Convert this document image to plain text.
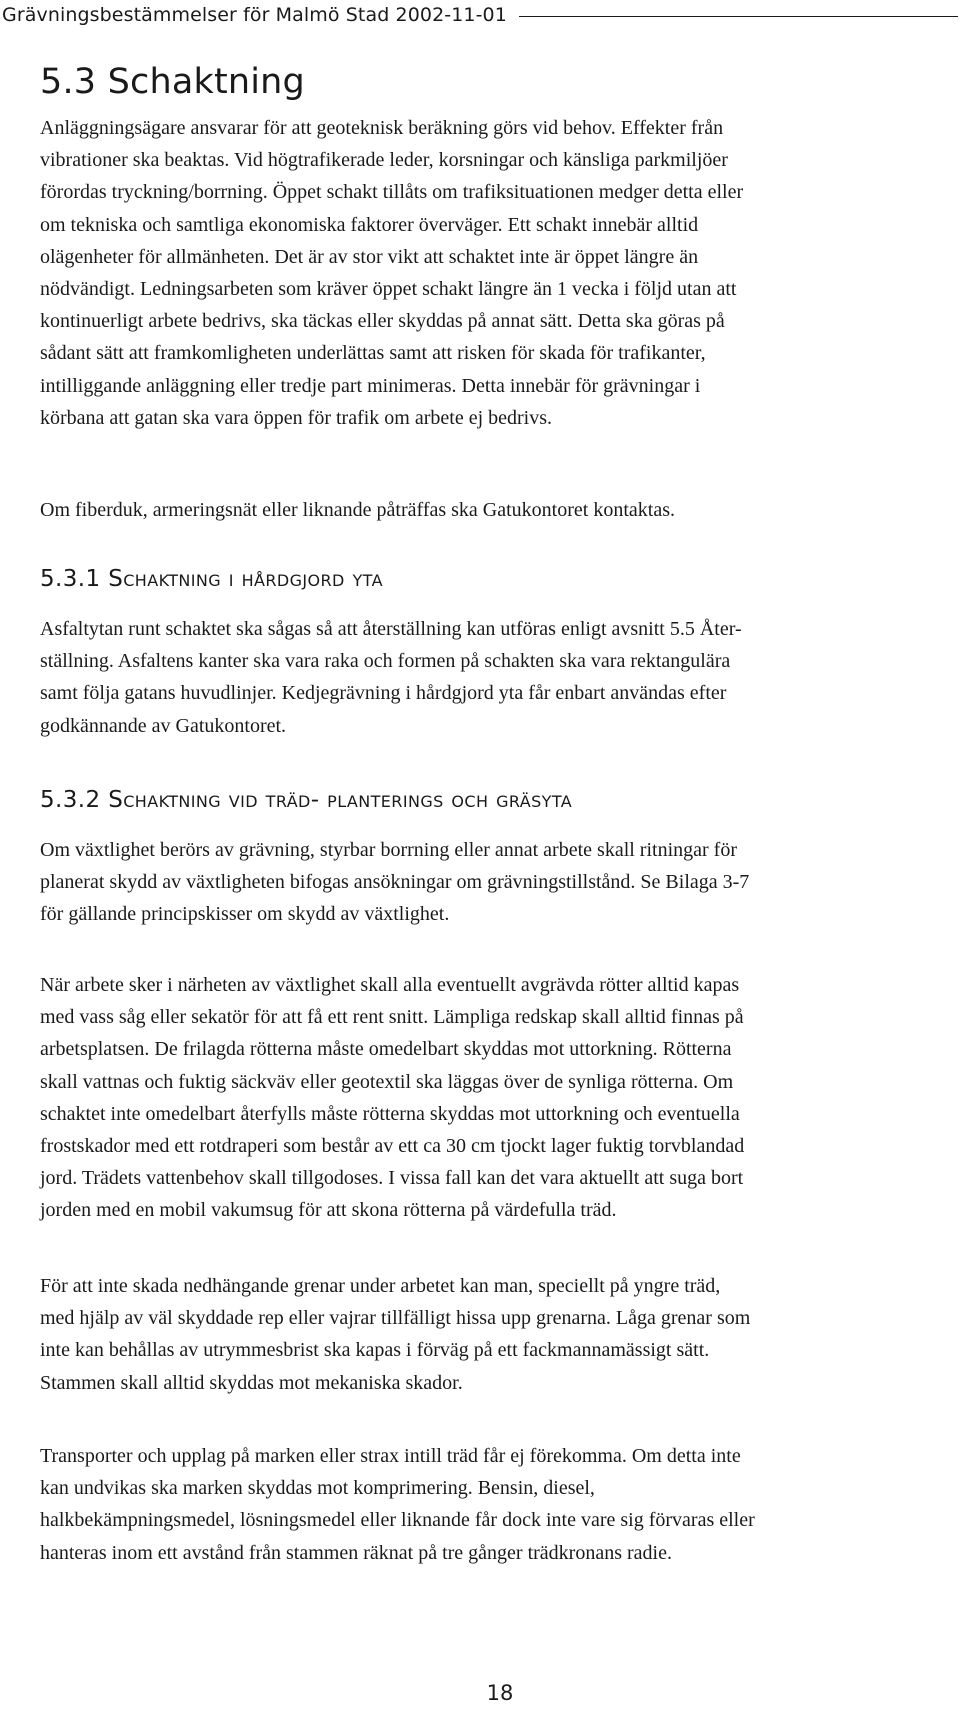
Grävningsbestämmelser för Malmö Stad 2002-11-01
5.3 Schaktning

Anläggningsägare ansvarar för att geoteknisk beräkning görs vid behov. Effekter från
vibrationer ska beaktas. Vid högtrafikerade leder, korsningar och känsliga parkmiljöer
förordas tryckning/borrning. Öppet schakt tillåts om trafiksituationen medger detta eller
om tekniska och samtliga ekonomiska faktorer överväger. Ett schakt innebär alltid
olägenheter för allmänheten. Det är av stor vikt att schaktet inte är öppet längre än
nödvändigt. Ledningsarbeten som kräver öppet schakt längre än 1 vecka i följd utan att
kontinuerligt arbete bedrivs, ska täckas eller skyddas på annat sätt. Detta ska göras på
sådant sätt att framkomligheten underlättas samt att risken för skada för trafikanter,
intilliggande anläggning eller tredje part minimeras. Detta innebär för grävningar i
körbana att gatan ska vara öppen för trafik om arbete ej bedrivs.

Om fiberduk, armeringsnät eller liknande påträffas ska Gatukontoret kontaktas.

5.3.1 Schaktning i hårdgjord yta

Asfaltytan runt schaktet ska sågas så att återställning kan utföras enligt avsnitt 5.5 Åter-
ställning. Asfaltens kanter ska vara raka och formen på schakten ska vara rektangulära
samt följa gatans huvudlinjer. Kedjegrävning i hårdgjord yta får enbart användas efter
godkännande av Gatukontoret.

5.3.2 Schaktning vid träd- planterings och gräsyta

Om växtlighet berörs av grävning, styrbar borrning eller annat arbete skall ritningar för
planerat skydd av växtligheten bifogas ansökningar om grävningstillstånd. Se Bilaga 3-7
för gällande principskisser om skydd av växtlighet.

När arbete sker i närheten av växtlighet skall alla eventuellt avgrävda rötter alltid kapas
med vass såg eller sekatör för att få ett rent snitt. Lämpliga redskap skall alltid finnas på
arbetsplatsen. De frilagda rötterna måste omedelbart skyddas mot uttorkning. Rötterna
skall vattnas och fuktig säckväv eller geotextil ska läggas över de synliga rötterna. Om
schaktet inte omedelbart återfylls måste rötterna skyddas mot uttorkning och eventuella
frostskador med ett rotdraperi som består av ett ca 30 cm tjockt lager fuktig torvblandad
jord. Trädets vattenbehov skall tillgodoses. I vissa fall kan det vara aktuellt att suga bort
jorden med en mobil vakumsug för att skona rötterna på värdefulla träd.

För att inte skada nedhängande grenar under arbetet kan man, speciellt på yngre träd,
med hjälp av väl skyddade rep eller vajrar tillfälligt hissa upp grenarna. Låga grenar som
inte kan behållas av utrymmesbrist ska kapas i förväg på ett fackmannamässigt sätt.
Stammen skall alltid skyddas mot mekaniska skador.

Transporter och upplag på marken eller strax intill träd får ej förekomma. Om detta inte
kan undvikas ska marken skyddas mot komprimering. Bensin, diesel,
halkbekämpningsmedel, lösningsmedel eller liknande får dock inte vare sig förvaras eller
hanteras inom ett avstånd från stammen räknat på tre gånger trädkronans radie.

18
